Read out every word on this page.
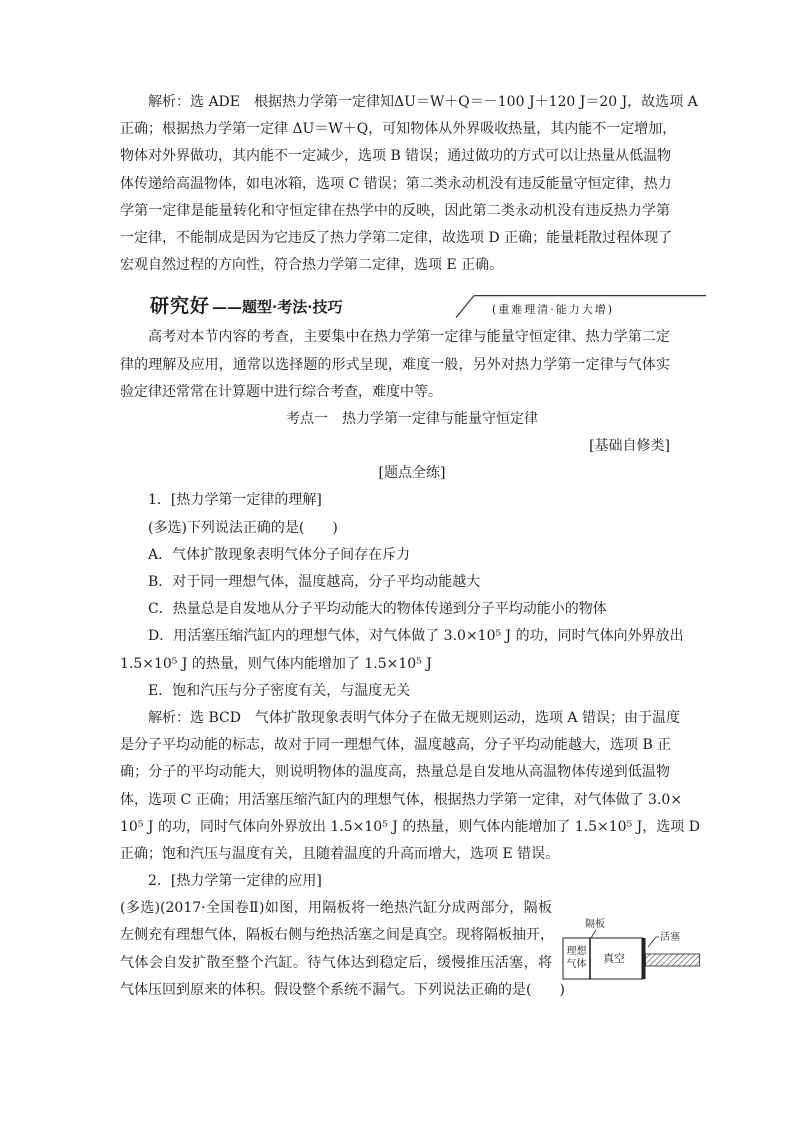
解析：选 ADE　根据热力学第一定律知ΔU＝W＋Q＝－100 J＋120 J＝20 J，故选项 A
正确；根据热力学第一定律 ΔU＝W＋Q，可知物体从外界吸收热量，其内能不一定增加，
物体对外界做功，其内能不一定减少，选项 B 错误；通过做功的方式可以让热量从低温物
体传递给高温物体，如电冰箱，选项 C 错误；第二类永动机没有违反能量守恒定律，热力
学第一定律是能量转化和守恒定律在热学中的反映，因此第二类永动机没有违反热力学第
一定律，不能制成是因为它违反了热力学第二定律，故选项 D 正确；能量耗散过程体现了
宏观自然过程的方向性，符合热力学第二定律，选项 E 正确。
研究好 ——题型·考法·技巧	(重难理清·能力大增)
高考对本节内容的考查，主要集中在热力学第一定律与能量守恒定律、热力学第二定
律的理解及应用，通常以选择题的形式呈现，难度一般，另外对热力学第一定律与气体实
验定律还常常在计算题中进行综合考查，难度中等。
考点一　热力学第一定律与能量守恒定律
[基础自修类]
[题点全练]
1．[热力学第一定律的理解]
(多选)下列说法正确的是(　　)
A．气体扩散现象表明气体分子间存在斥力
B．对于同一理想气体，温度越高，分子平均动能越大
C．热量总是自发地从分子平均动能大的物体传递到分子平均动能小的物体
D．用活塞压缩汽缸内的理想气体，对气体做了 3.0×10⁵ J 的功，同时气体向外界放出
1.5×10⁵ J 的热量，则气体内能增加了 1.5×10⁵ J
E．饱和汽压与分子密度有关，与温度无关
解析：选 BCD　气体扩散现象表明气体分子在做无规则运动，选项 A 错误；由于温度
是分子平均动能的标志，故对于同一理想气体，温度越高，分子平均动能越大，选项 B 正
确；分子的平均动能大，则说明物体的温度高，热量总是自发地从高温物体传递到低温物
体，选项 C 正确；用活塞压缩汽缸内的理想气体，根据热力学第一定律，对气体做了 3.0×
10⁵ J 的功，同时气体向外界放出 1.5×10⁵ J 的热量，则气体内能增加了 1.5×10⁵ J，选项 D
正确；饱和汽压与温度有关，且随着温度的升高而增大，选项 E 错误。
2．[热力学第一定律的应用]
(多选)(2017·全国卷Ⅱ)如图，用隔板将一绝热汽缸分成两部分，隔板
左侧充有理想气体，隔板右侧与绝热活塞之间是真空。现将隔板抽开，
气体会自发扩散至整个汽缸。待气体达到稳定后，缓慢推压活塞，将
气体压回到原来的体积。假设整个系统不漏气。下列说法正确的是(　　)
隔板
理想
气体 真空
活塞
